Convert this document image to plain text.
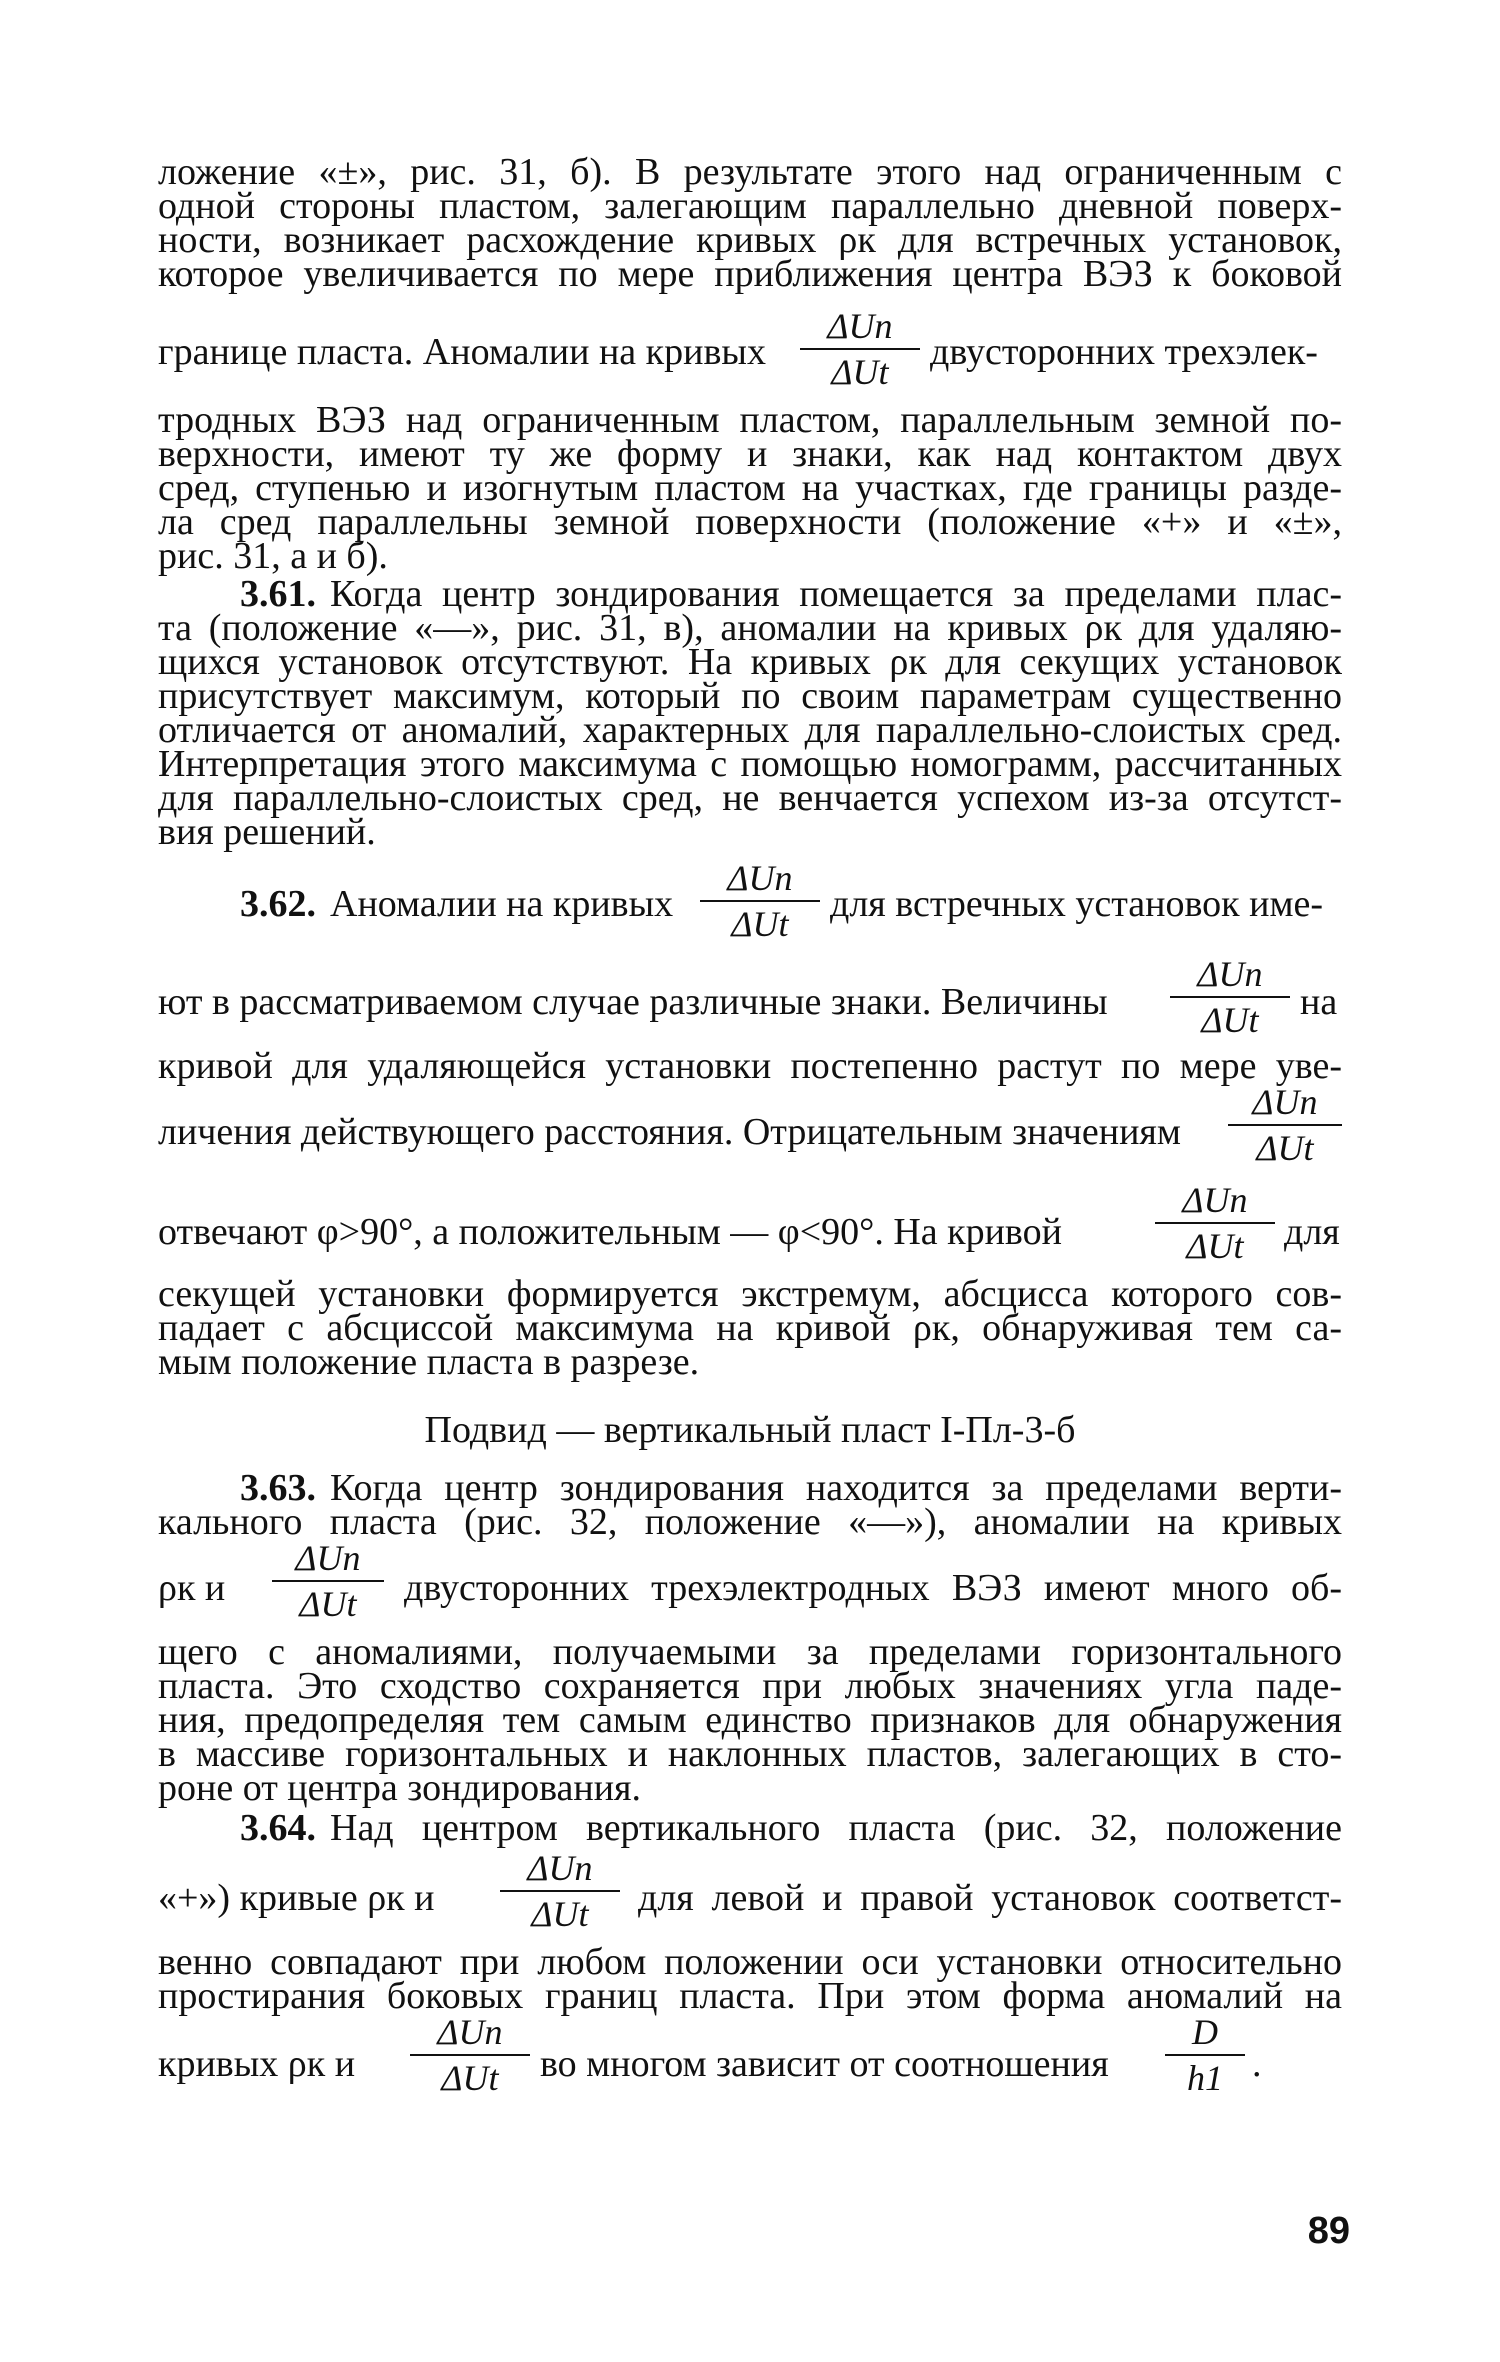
ложение «±», рис. 31, б). В результате этого над ограниченным с
одной стороны пластом, залегающим параллельно дневной поверх-
ности, возникает расхождение кривых ρк для встречных установок,
которое увеличивается по мере приближения центра ВЭЗ к боковой
границе пласта. Аномалии на кривых
ΔUn
ΔUt	двусторонних трехэлек-
тродных ВЭЗ над ограниченным пластом, параллельным земной по-
верхности, имеют ту же форму и знаки, как над контактом двух
сред, ступенью и изогнутым пластом на участках, где границы разде-
ла сред параллельны земной поверхности (положение «+» и «±»,
рис. 31, а и б).
3.61. Когда центр зондирования помещается за пределами плас-
та (положение «—», рис. 31, в), аномалии на кривых ρк для удаляю-
щихся установок отсутствуют. На кривых ρк для секущих установок
присутствует максимум, который по своим параметрам существенно
отличается от аномалий, характерных для параллельно-слоистых сред.
Интерпретация этого максимума с помощью номограмм, рассчитанных
для параллельно-слоистых сред, не венчается успехом из-за отсутст-
вия решений.
3.62. Аномалии на кривых
ΔUn
ΔUt	для встречных установок име-
ют в рассматриваемом случае различные знаки. Величины
ΔUn
ΔUt	на
кривой для удаляющейся установки постепенно растут по мере уве-
личения действующего расстояния. Отрицательным значениям
ΔUn
ΔUt
отвечают φ>90°, а положительным — φ<90°. На кривой
ΔUn
ΔUt	для
секущей установки формируется экстремум, абсцисса которого сов-
падает с абсциссой максимума на кривой ρк, обнаруживая тем са-
мым положение пласта в разрезе.
Подвид — вертикальный пласт I-Пл-3-б
3.63. Когда центр зондирования находится за пределами верти-
кального пласта (рис. 32, положение «—»), аномалии на кривых
ρк и
ΔUn
ΔUt	двусторонних трехэлектродных ВЭЗ имеют много об-
щего с аномалиями, получаемыми за пределами горизонтального
пласта. Это сходство сохраняется при любых значениях угла паде-
ния, предопределяя тем самым единство признаков для обнаружения
в массиве горизонтальных и наклонных пластов, залегающих в сто-
роне от центра зондирования.
3.64. Над центром вертикального пласта (рис. 32, положение
«+») кривые ρк и
ΔUn
ΔUt	для левой и правой установок соответст-
венно совпадают при любом положении оси установки относительно
простирания боковых границ пласта. При этом форма аномалий на
кривых ρк и
ΔUn
ΔUt	во многом зависит от соотношения
D
h1 .
89
